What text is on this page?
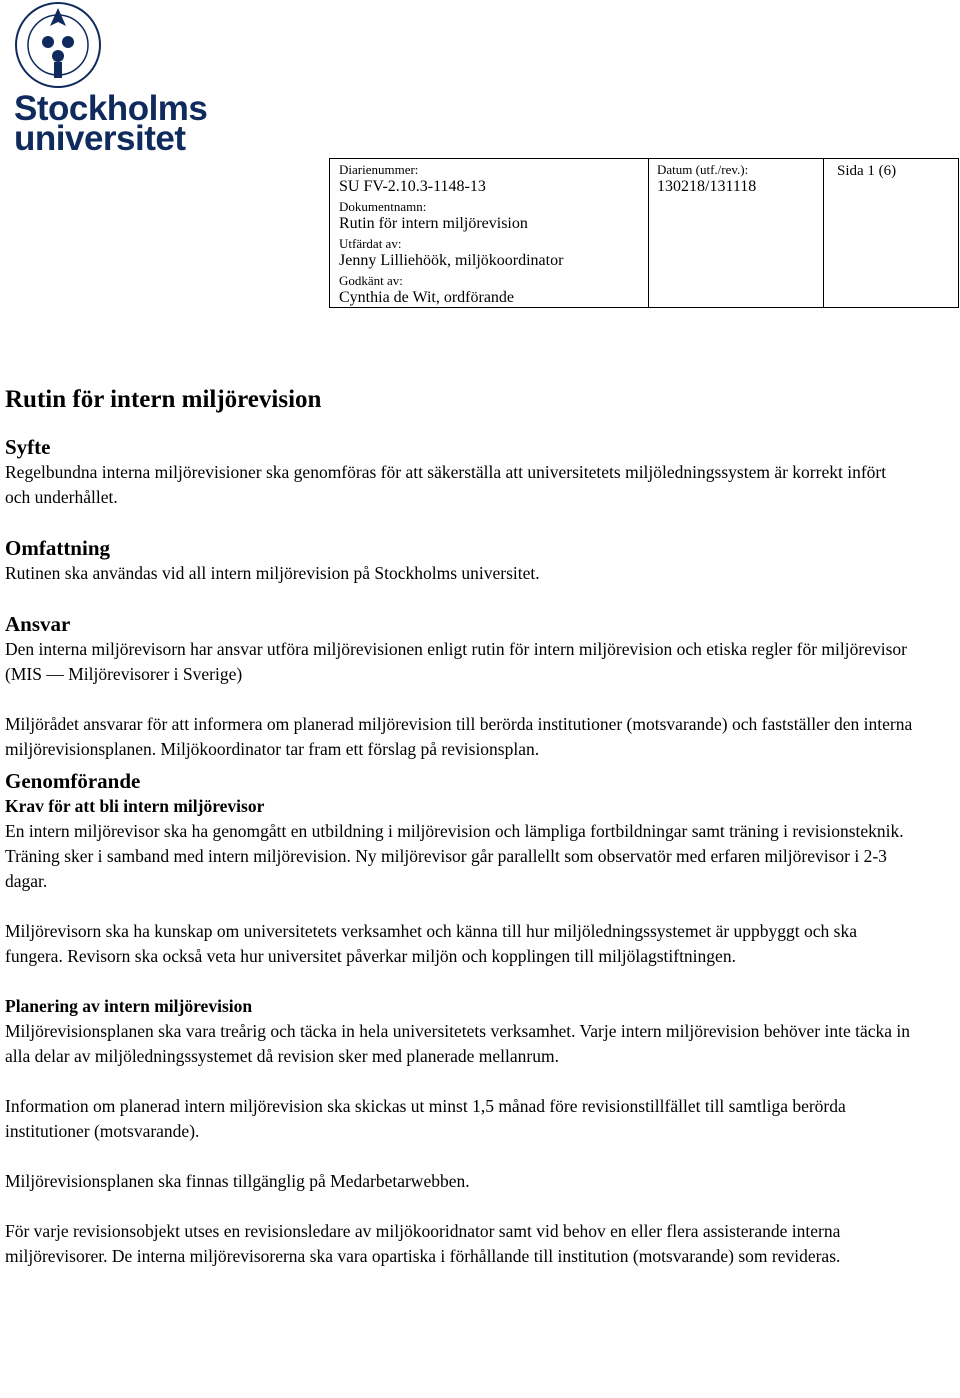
Stockholms
universitet
Diarienummer:
SU FV-2.10.3-1148-13
Dokumentnamn:
Rutin för intern miljörevision
Utfärdat av:
Jenny Lilliehöök, miljökoordinator
Godkänt av:
Cynthia de Wit, ordförande
Datum (utf./rev.):
130218/131118
Sida 1 (6)
Rutin för intern miljörevision
Syfte

Regelbundna interna miljörevisioner ska genomföras för att säkerställa att universitetets miljöledningssystem är korrekt infört och underhållet.

Omfattning

Rutinen ska användas vid all intern miljörevision på Stockholms universitet.

Ansvar

Den interna miljörevisorn har ansvar utföra miljörevisionen enligt rutin för intern miljörevision och etiska regler för miljörevisor (MIS — Miljörevisorer i Sverige)

Miljörådet ansvarar för att informera om planerad miljörevision till berörda institutioner (motsvarande) och fastställer den interna miljörevisionsplanen. Miljökoordinator tar fram ett förslag på revisionsplan.

Genomförande
Krav för att bli intern miljörevisor

En intern miljörevisor ska ha genomgått en utbildning i miljörevision och lämpliga fortbildningar samt träning i revisionsteknik. Träning sker i samband med intern miljörevision. Ny miljörevisor går parallellt som observatör med erfaren miljörevisor i 2-3 dagar.

Miljörevisorn ska ha kunskap om universitetets verksamhet och känna till hur miljöledningssystemet är uppbyggt och ska fungera. Revisorn ska också veta hur universitet påverkar miljön och kopplingen till miljölagstiftningen.

Planering av intern miljörevision

Miljörevisionsplanen ska vara treårig och täcka in hela universitetets verksamhet. Varje intern miljörevision behöver inte täcka in alla delar av miljöledningssystemet då revision sker med planerade mellanrum.

Information om planerad intern miljörevision ska skickas ut minst 1,5 månad före revisionstillfället till samtliga berörda institutioner (motsvarande).

Miljörevisionsplanen ska finnas tillgänglig på Medarbetarwebben.

För varje revisionsobjekt utses en revisionsledare av miljökooridnator samt vid behov en eller flera assisterande interna miljörevisorer. De interna miljörevisorerna ska vara opartiska i förhållande till institution (motsvarande) som revideras.
